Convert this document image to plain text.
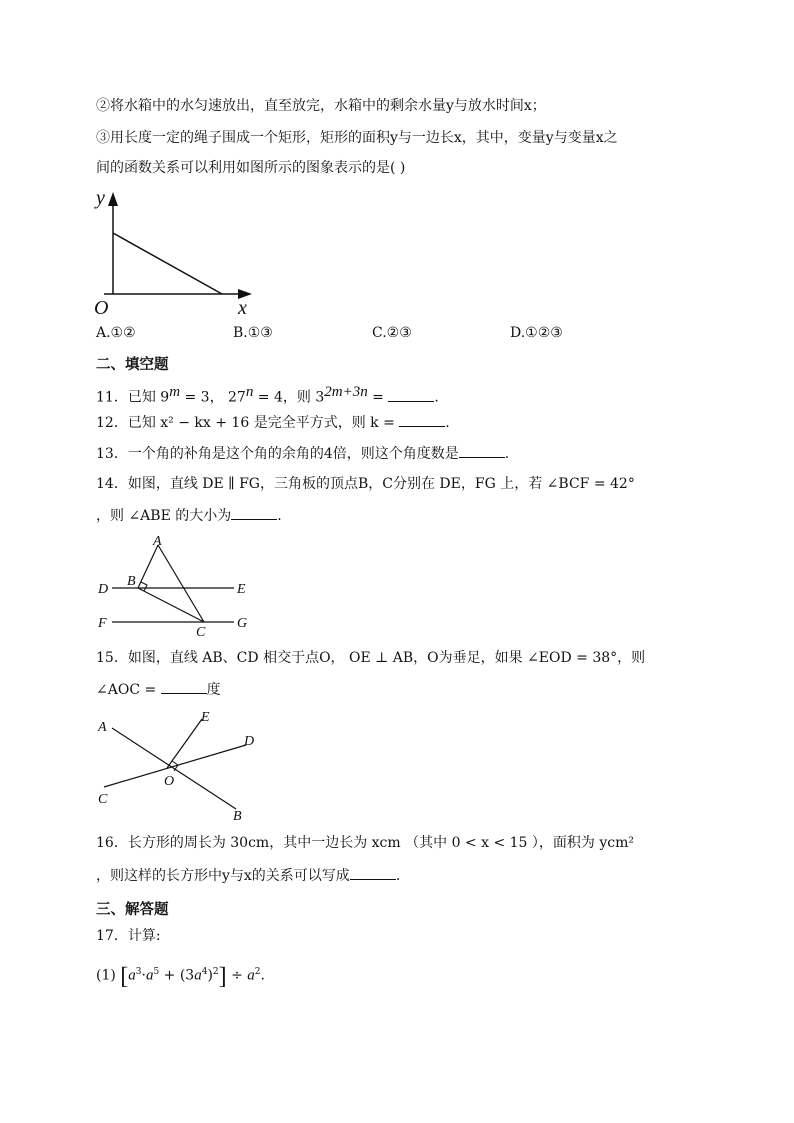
②将水箱中的水匀速放出，直至放完，水箱中的剩余水量y与放水时间x；
③用长度一定的绳子围成一个矩形，矩形的面积y与一边长x，其中，变量y与变量x之
间的函数关系可以利用如图所示的图象表示的是( )
y
O	x
A.①②	B.①③	C.②③	D.①②③
二、填空题
11．已知 $9^m = 3$， $27^n = 4$，则 $3^{2m+3n}$ =	.
12．已知 x² − kx + 16 是完全平方式，则 k =	.
13．一个角的补角是这个角的余角的4倍，则这个角度数是	.
14．如图，直线 DE ∥ FG，三角板的顶点B，C分别在 DE，FG 上，若 ∠BCF = 42°
，则 ∠ABE 的大小为	.
A
B
D	E
F
C
G
15．如图，直线 AB、CD 相交于点O， OE ⊥ AB，O为垂足，如果 ∠EOD = 38°，则
∠AOC =	度
A
E
D
O
C
B
16．长方形的周长为 30cm，其中一边长为 xcm （其中 0 < x < 15 ），面积为 ycm²
，则这样的长方形中y与x的关系可以写成	.
三、解答题
17．计算:
(1) $[a^3\cdot a^5 + (3a^4)^2] \div a^2$.
